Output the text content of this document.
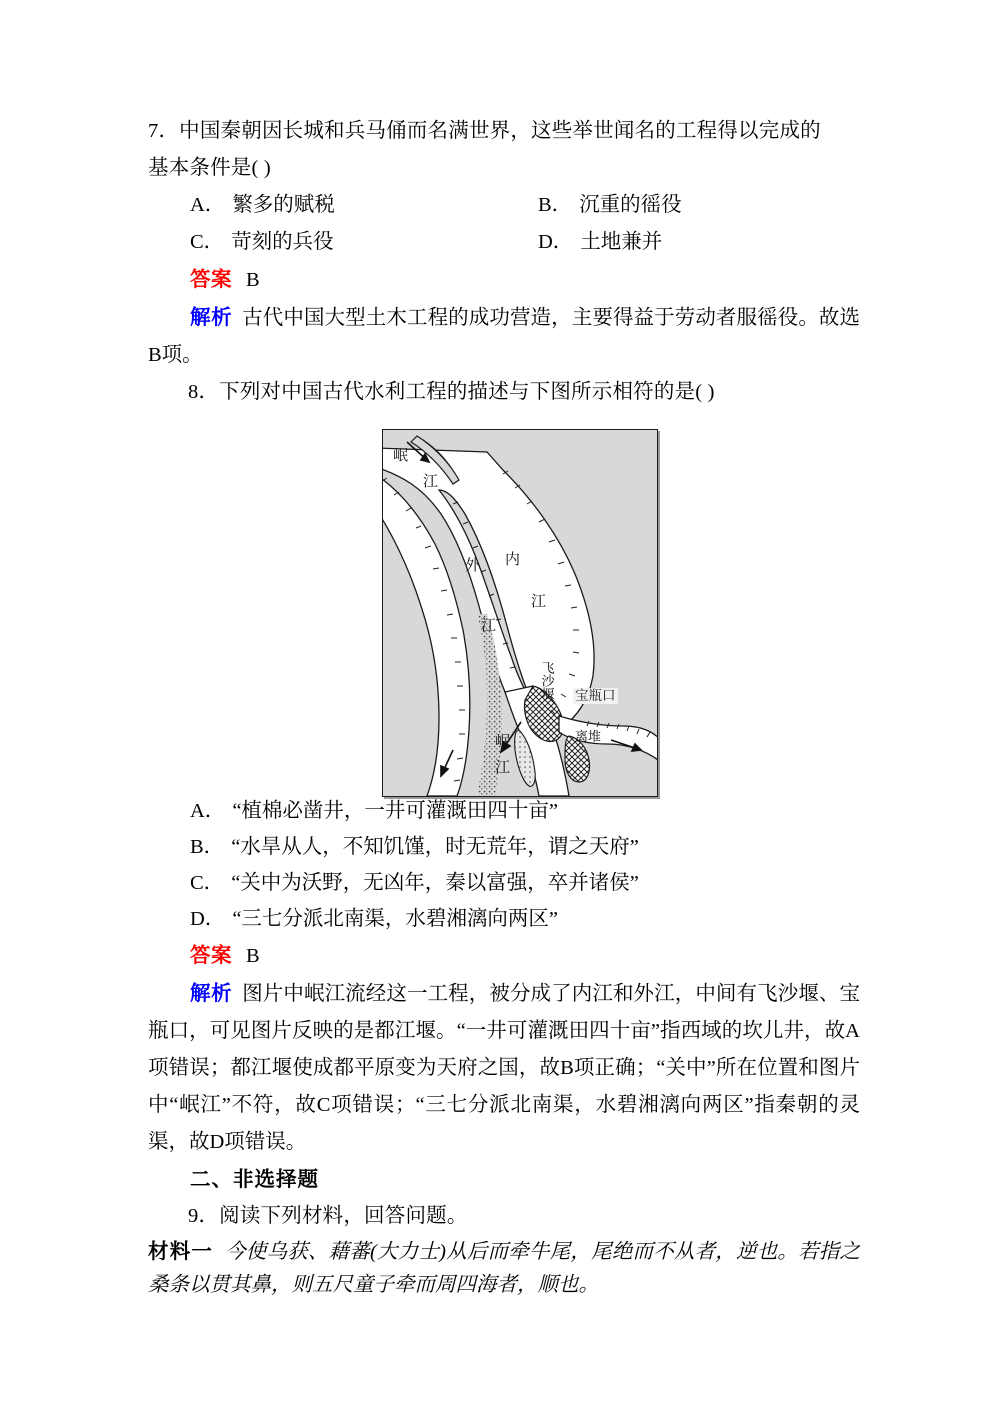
7．中国秦朝因长城和兵马俑而名满世界，这些举世闻名的工程得以完成的

基本条件是( )

A． 繁多的赋税	B． 沉重的徭役
C． 苛刻的兵役	D． 土地兼并

答案 B

解析 古代中国大型土木工程的成功营造，主要得益于劳动者服徭役。故选B项。

8．下列对中国古代水利工程的描述与下图所示相符的是( )

岷
江
外
江
内
江
飞沙堰 宝瓶口
离堆
岷
江

A． “植棉必凿井，一井可灌溉田四十亩”

B． “水旱从人，不知饥馑，时无荒年，谓之天府”

C． “关中为沃野，无凶年，秦以富强，卒并诸侯”

D． “三七分派北南渠，水碧湘漓向两区”

答案 B

解析 图片中岷江流经这一工程，被分成了内江和外江，中间有飞沙堰、宝瓶口，可见图片反映的是都江堰。“一井可灌溉田四十亩”指西域的坎儿井，故A项错误；都江堰使成都平原变为天府之国，故B项正确；“关中”所在位置和图片中“岷江”不符，故C项错误；“三七分派北南渠，水碧湘漓向两区”指秦朝的灵渠，故D项错误。

二、非选择题

9．阅读下列材料，回答问题。

材料一 今使乌获、藉蕃(大力士)从后而牵牛尾，尾绝而不从者，逆也。若指之桑条以贯其鼻，则五尺童子牵而周四海者，顺也。
